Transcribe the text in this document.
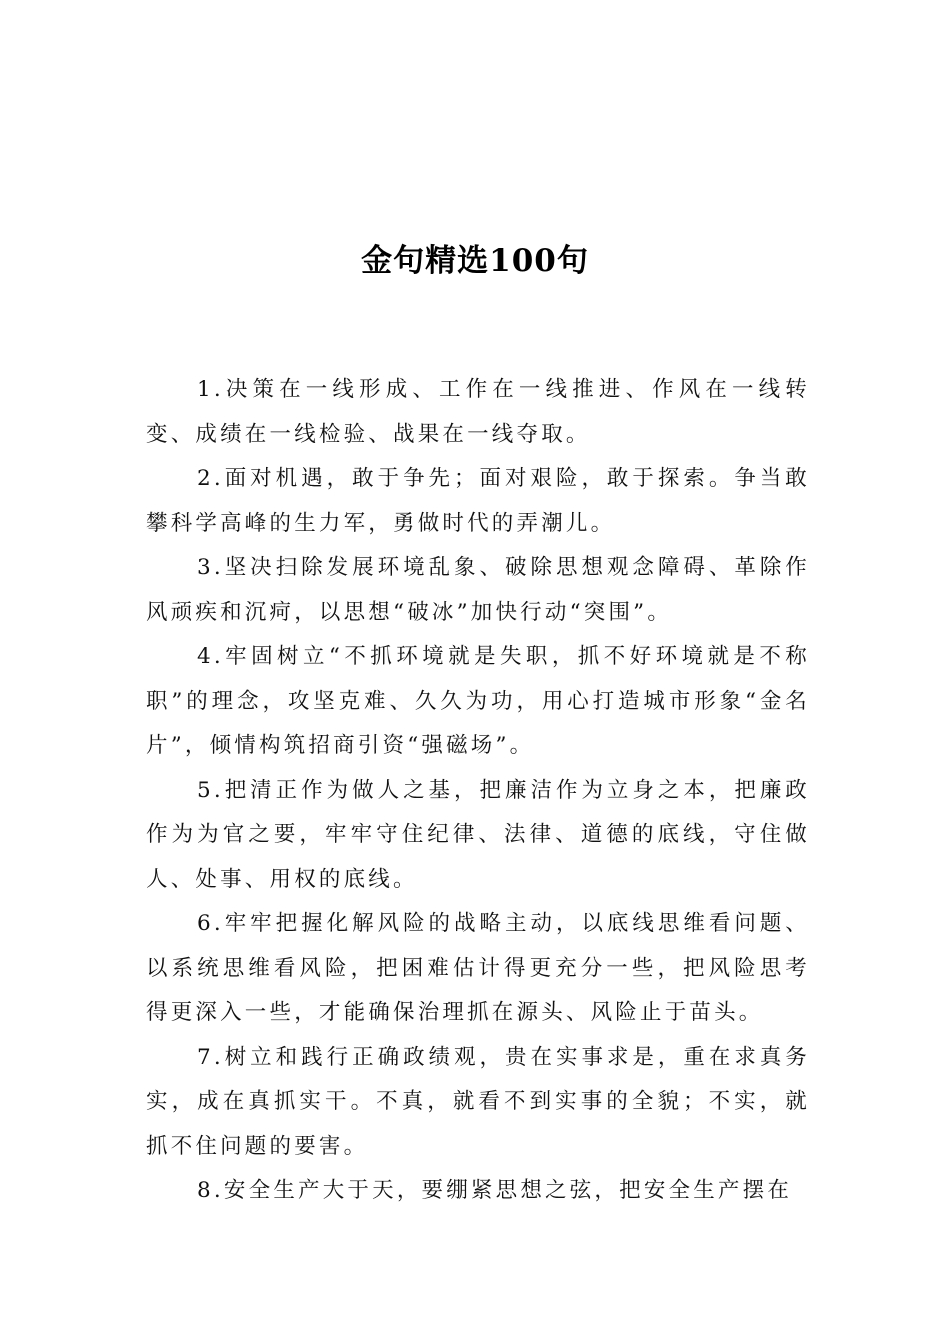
金句精选100句

1.决策在一线形成、工作在一线推进、作风在一线转变、成绩在一线检验、战果在一线夺取。

2.面对机遇，敢于争先；面对艰险，敢于探索。争当敢攀科学高峰的生力军，勇做时代的弄潮儿。

3.坚决扫除发展环境乱象、破除思想观念障碍、革除作风顽疾和沉疴，以思想“破冰”加快行动“突围”。

4.牢固树立“不抓环境就是失职，抓不好环境就是不称职”的理念，攻坚克难、久久为功，用心打造城市形象“金名片”，倾情构筑招商引资“强磁场”。

5.把清正作为做人之基，把廉洁作为立身之本，把廉政作为为官之要，牢牢守住纪律、法律、道德的底线，守住做人、处事、用权的底线。

6.牢牢把握化解风险的战略主动，以底线思维看问题、以系统思维看风险，把困难估计得更充分一些，把风险思考得更深入一些，才能确保治理抓在源头、风险止于苗头。

7.树立和践行正确政绩观，贵在实事求是，重在求真务实，成在真抓实干。不真，就看不到实事的全貌；不实，就抓不住问题的要害。

8.安全生产大于天，要绷紧思想之弦，把安全生产摆在
